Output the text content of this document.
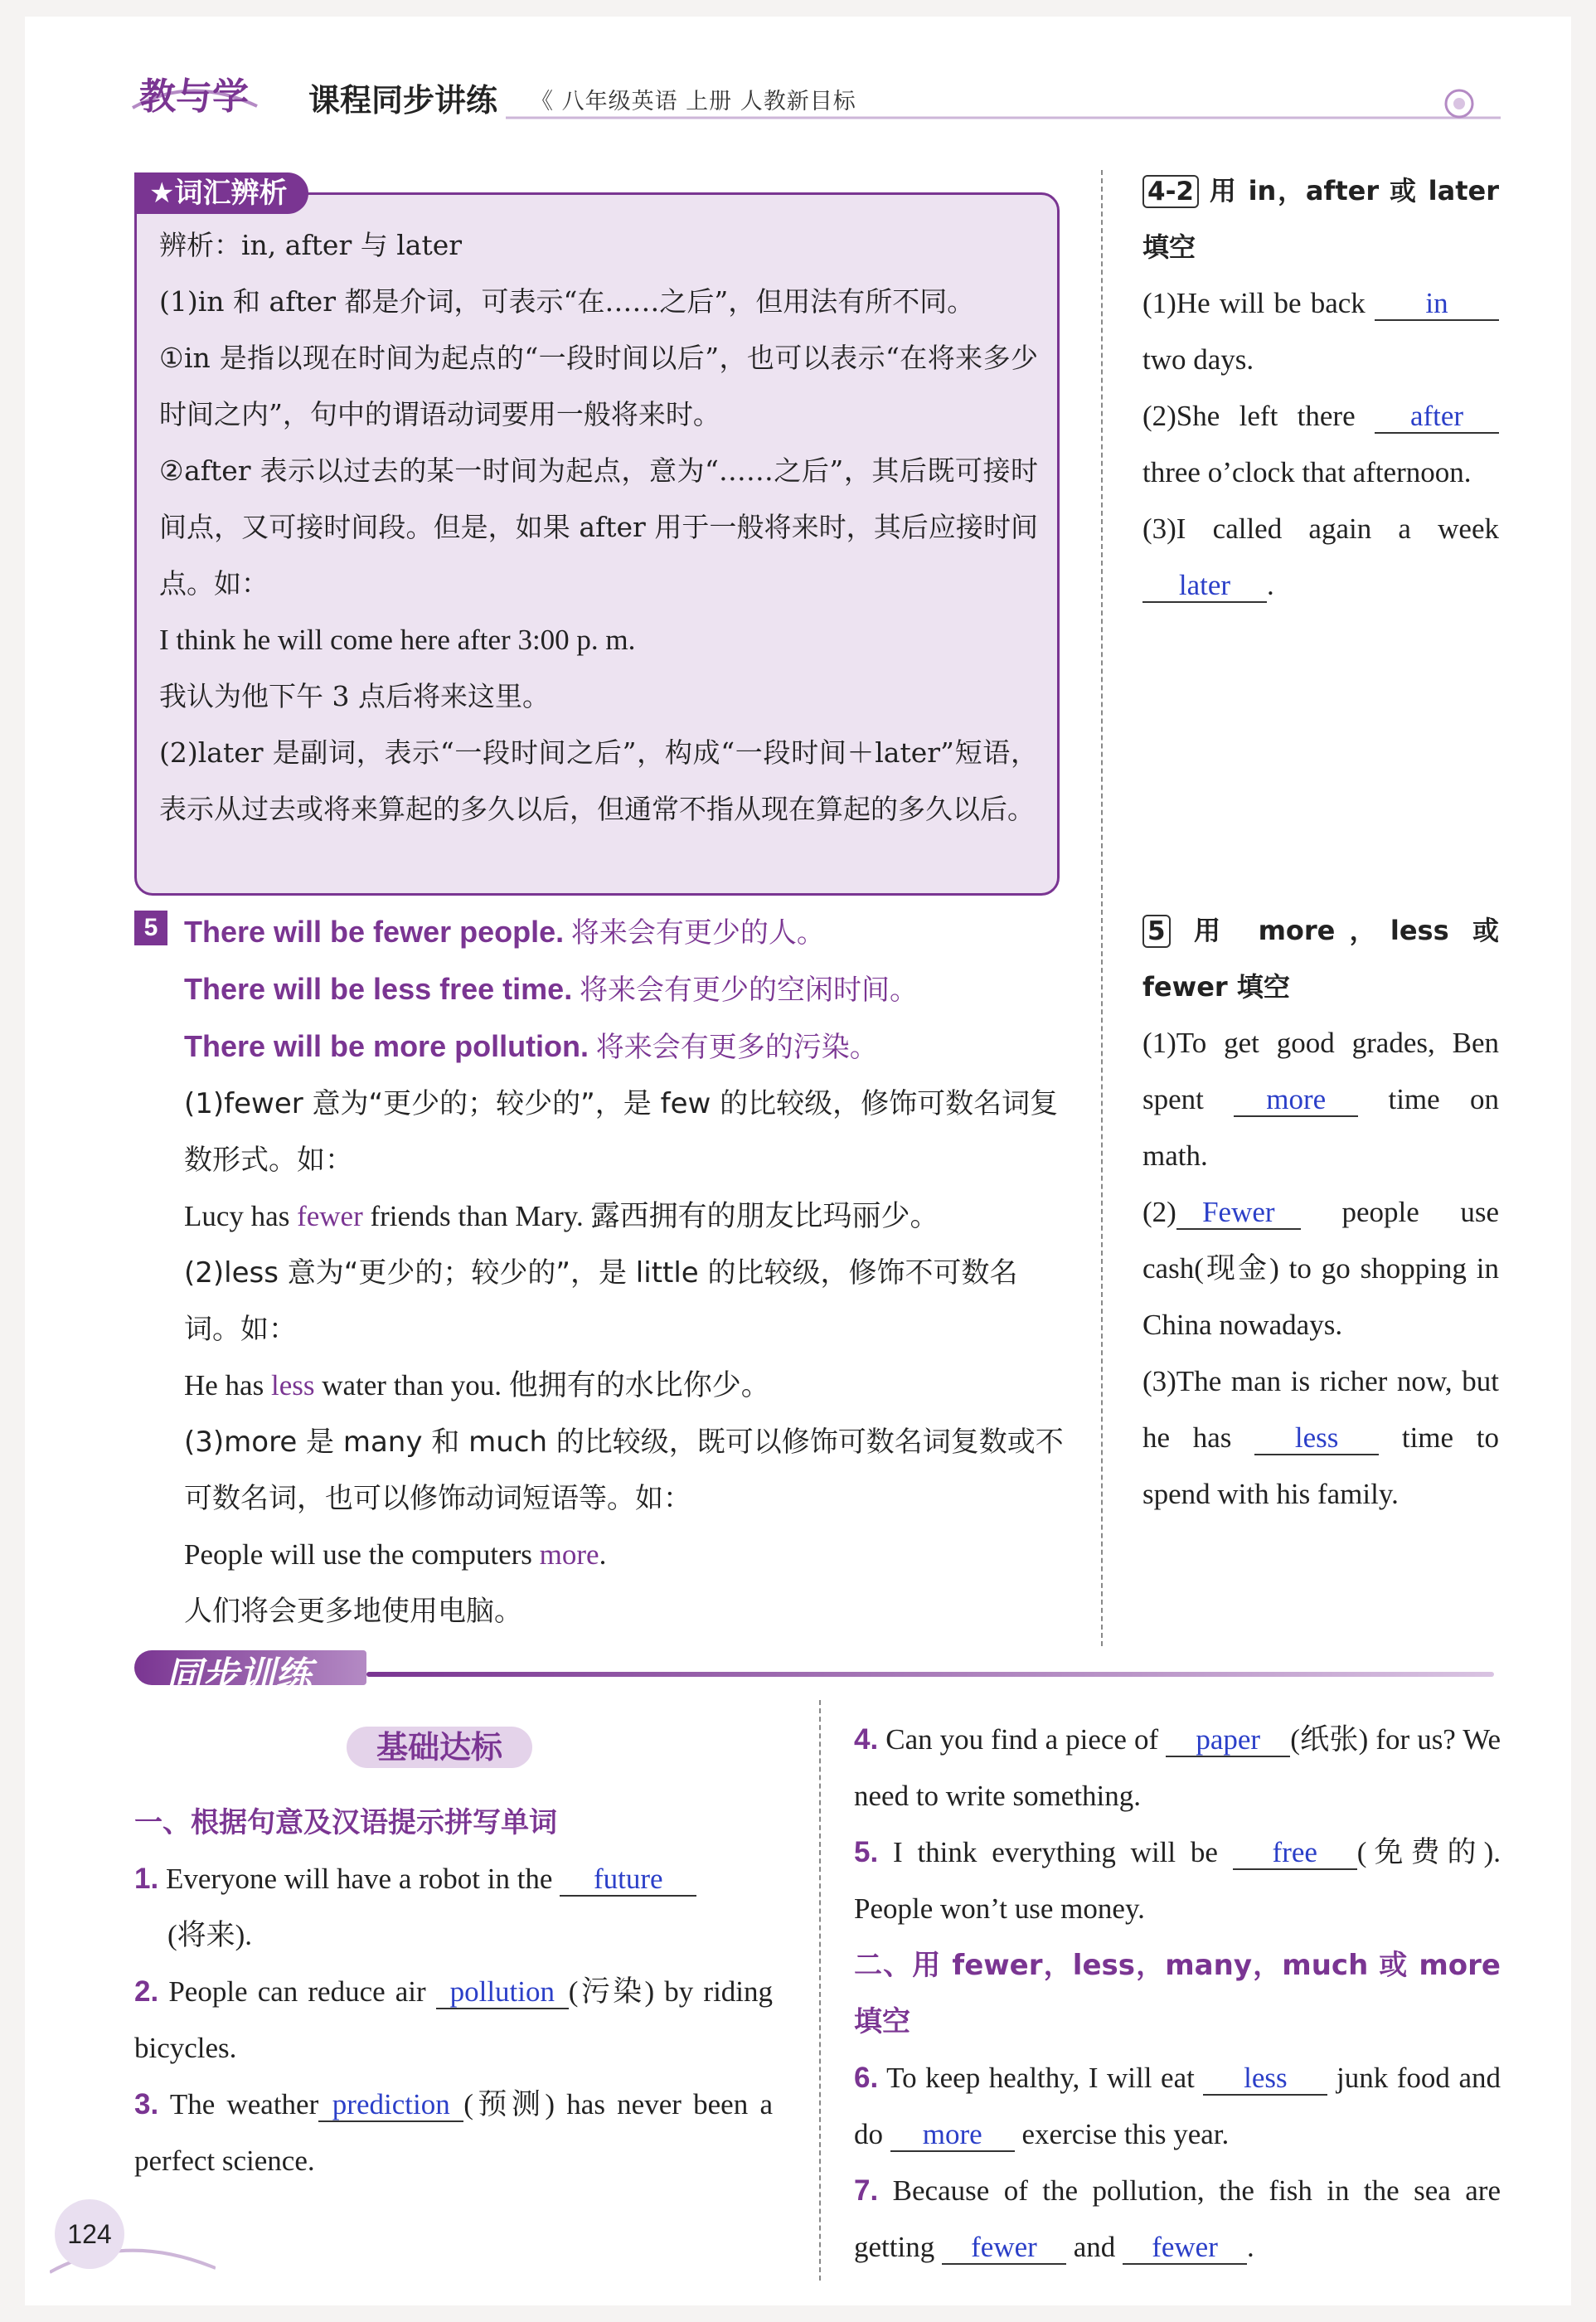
教与学 课程同步讲练 《 八年级英语 上册 人教新目标
★词汇辨析

辨析：in, after 与 later

(1)in 和 after 都是介词，可表示“在……之后”，但用法有所不同。

①in 是指以现在时间为起点的“一段时间以后”，也可以表示“在将来多少时间之内”，句中的谓语动词要用一般将来时。

②after 表示以过去的某一时间为起点，意为“……之后”，其后既可接时间点，又可接时间段。但是，如果 after 用于一般将来时，其后应接时间点。如：

I think he will come here after 3:00 p. m.

我认为他下午 3 点后将来这里。

(2)later 是副词，表示“一段时间之后”，构成“一段时间＋later”短语，表示从过去或将来算起的多久以后，但通常不指从现在算起的多久以后。

4-2 用 in，after 或 later 填空

(1)He will be back in two days.

(2)She left there after three o’clock that afternoon.

(3)I called again a week later .

5 There will be fewer people. 将来会有更少的人。

There will be less free time. 将来会有更少的空闲时间。

There will be more pollution. 将来会有更多的污染。

(1)fewer 意为“更少的；较少的”，是 few 的比较级，修饰可数名词复数形式。如：

Lucy has fewer friends than Mary. 露西拥有的朋友比玛丽少。

(2)less 意为“更少的；较少的”，是 little 的比较级，修饰不可数名词。如：

He has less water than you. 他拥有的水比你少。

(3)more 是 many 和 much 的比较级，既可以修饰可数名词复数或不可数名词，也可以修饰动词短语等。如：

People will use the computers more.

人们将会更多地使用电脑。

5 用 more，less 或 fewer 填空

(1)To get good grades, Ben spent more time on math.

(2) Fewer people use cash(现金) to go shopping in China nowadays.

(3)The man is richer now, but he has less time to spend with his family.

同步训练
基础达标

一、根据句意及汉语提示拼写单词

1. Everyone will have a robot in the future

(将来).

2. People can reduce air pollution (污染) by riding bicycles.

3. The weather prediction (预测) has never been a perfect science.

4. Can you find a piece of paper (纸张) for us? We need to write something.

5. I think everything will be free (免费的). People won’t use money.

二、用 fewer，less，many，much 或 more 填空

6. To keep healthy, I will eat less junk food and do more exercise this year.

7. Because of the pollution, the fish in the sea are getting fewer and fewer .

124
